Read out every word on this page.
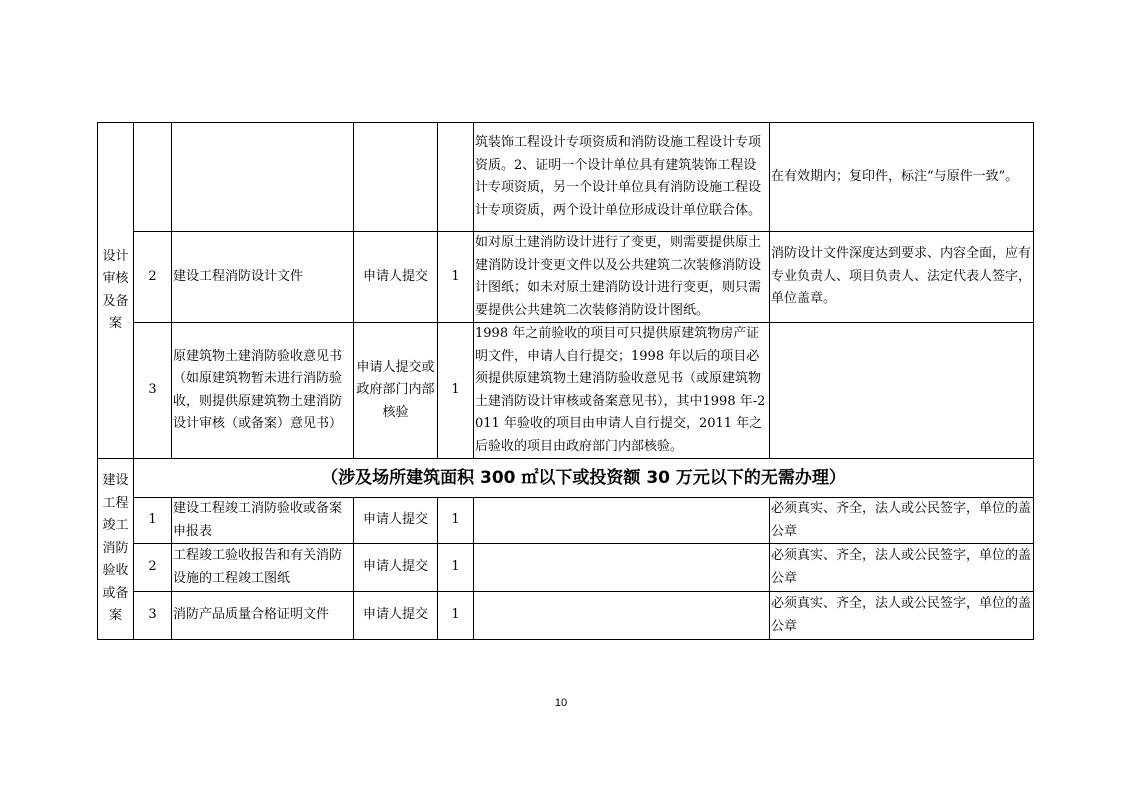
设计审核及备案					筑装饰工程设计专项资质和消防设施工程设计专项资质。2、证明一个设计单位具有建筑装饰工程设计专项资质，另一个设计单位具有消防设施工程设计专项资质，两个设计单位形成设计单位联合体。	在有效期内；复印件，标注“与原件一致”。
	2	建设工程消防设计文件	申请人提交	1	如对原土建消防设计进行了变更，则需要提供原土建消防设计变更文件以及公共建筑二次装修消防设计图纸；如未对原土建消防设计进行变更，则只需要提供公共建筑二次装修消防设计图纸。	消防设计文件深度达到要求、内容全面，应有专业负责人、项目负责人、法定代表人签字，单位盖章。
	3	原建筑物土建消防验收意见书（如原建筑物暂未进行消防验收，则提供原建筑物土建消防设计审核（或备案）意见书）	申请人提交或政府部门内部核验	1	1998 年之前验收的项目可只提供原建筑物房产证明文件，申请人自行提交；1998 年以后的项目必须提供原建筑物土建消防验收意见书（或原建筑物土建消防设计审核或备案意见书），其中1998 年-2011 年验收的项目由申请人自行提交，2011 年之后验收的项目由政府部门内部核验。	

建设工程竣工消防验收或备案	（涉及场所建筑面积 300 ㎡以下或投资额 30 万元以下的无需办理）					
	1	建设工程竣工消防验收或备案申报表	申请人提交	1		必须真实、齐全，法人或公民签字，单位的盖公章
	2	工程竣工验收报告和有关消防设施的工程竣工图纸	申请人提交	1		必须真实、齐全，法人或公民签字，单位的盖公章
	3	消防产品质量合格证明文件	申请人提交	1		必须真实、齐全，法人或公民签字，单位的盖公章
10
